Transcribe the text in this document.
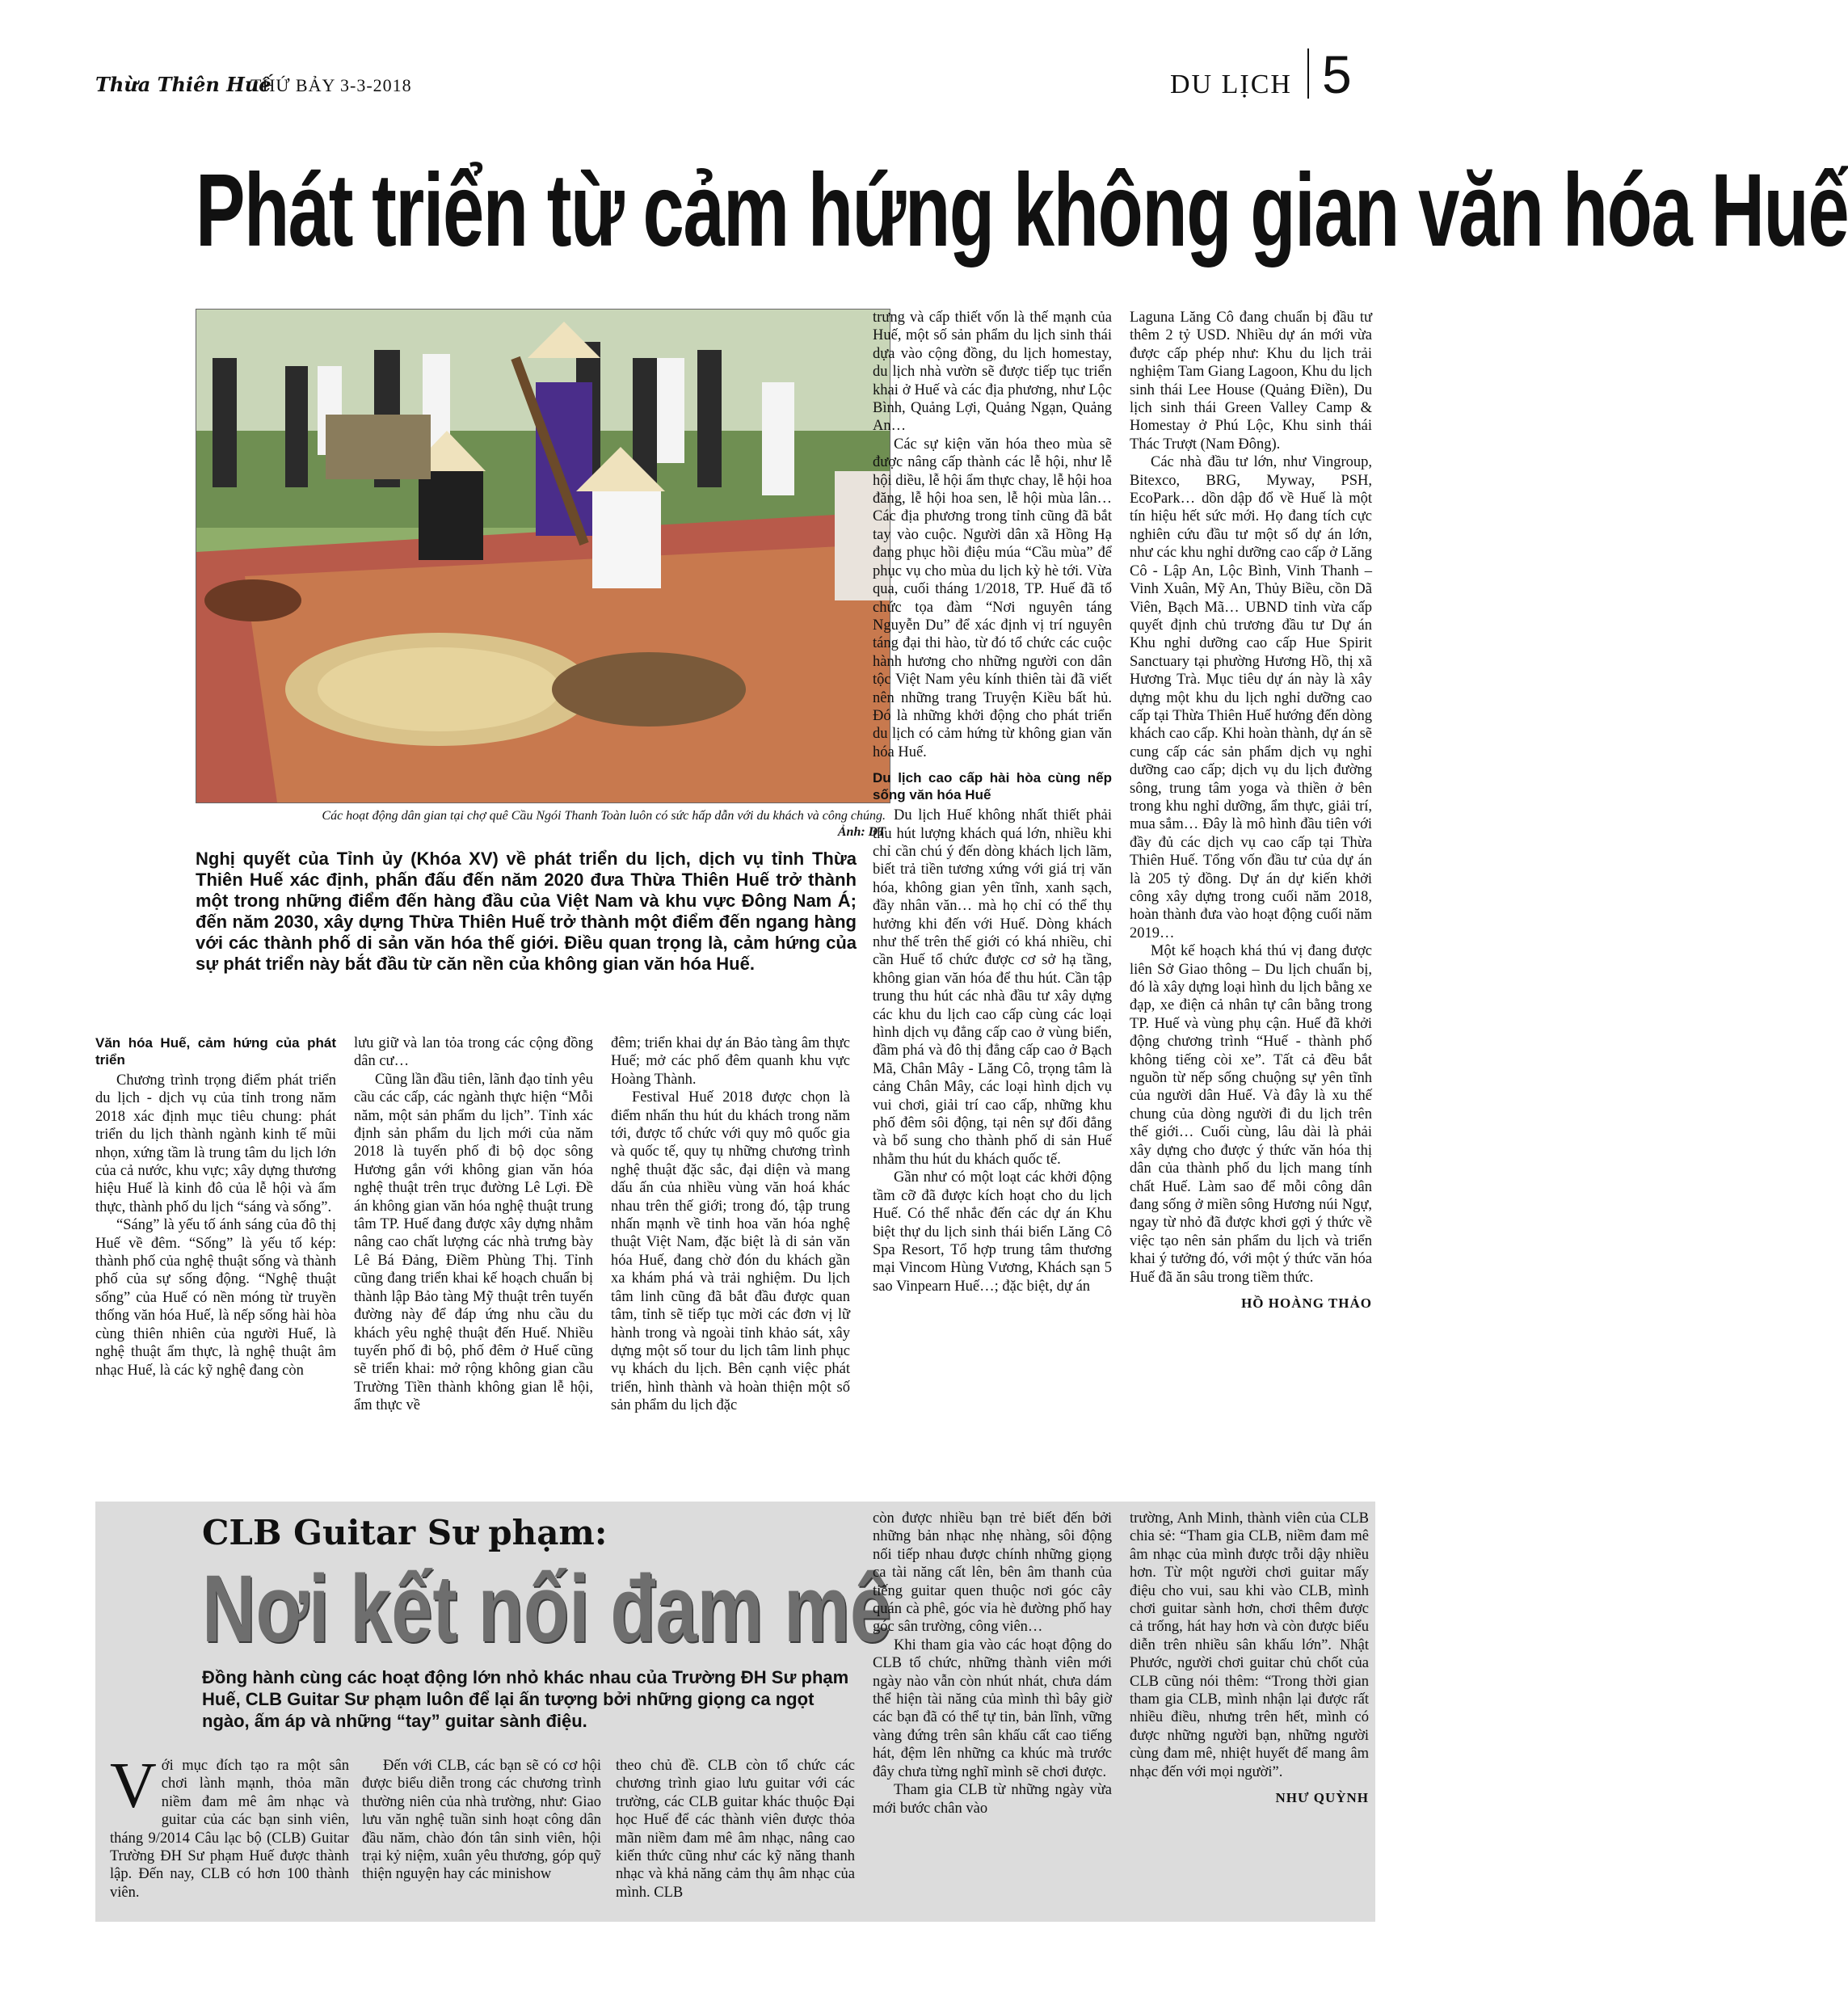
Thừa Thiên Huế
THỨ BẢY 3-3-2018	DU LỊCH 5
Phát triển từ cảm hứng không gian văn hóa Huế
Các hoạt động dân gian tại chợ quê Cầu Ngói Thanh Toàn luôn có sức hấp dẫn với du khách và công chúng.
Ảnh: DT
Nghị quyết của Tỉnh ủy (Khóa XV) về phát triển du lịch, dịch vụ tỉnh Thừa Thiên Huế xác định, phấn đấu đến năm 2020 đưa Thừa Thiên Huế trở thành một trong những điểm đến hàng đầu của Việt Nam và khu vực Đông Nam Á; đến năm 2030, xây dựng Thừa Thiên Huế trở thành một điểm đến ngang hàng với các thành phố di sản văn hóa thế giới. Điều quan trọng là, cảm hứng của sự phát triển này bắt đầu từ căn nền của không gian văn hóa Huế.
Văn hóa Huế, cảm hứng của phát triển

Chương trình trọng điểm phát triển du lịch - dịch vụ của tỉnh trong năm 2018 xác định mục tiêu chung: phát triển du lịch thành ngành kinh tế mũi nhọn, xứng tầm là trung tâm du lịch lớn của cả nước, khu vực; xây dựng thương hiệu Huế là kinh đô của lễ hội và ẩm thực, thành phố du lịch “sáng và sống”.

“Sáng” là yếu tố ánh sáng của đô thị Huế về đêm. “Sống” là yếu tố kép: thành phố của nghệ thuật sống và thành phố của sự sống động. “Nghệ thuật sống” của Huế có nền móng từ truyền thống văn hóa Huế, là nếp sống hài hòa cùng thiên nhiên của người Huế, là nghệ thuật ẩm thực, là nghệ thuật âm nhạc Huế, là các kỹ nghệ đang còn

lưu giữ và lan tỏa trong các cộng đồng dân cư…

Cũng lần đầu tiên, lãnh đạo tỉnh yêu cầu các cấp, các ngành thực hiện “Mỗi năm, một sản phẩm du lịch”. Tỉnh xác định sản phẩm du lịch mới của năm 2018 là tuyến phố đi bộ dọc sông Hương gắn với không gian văn hóa nghệ thuật trên trục đường Lê Lợi. Đề án không gian văn hóa nghệ thuật trung tâm TP. Huế đang được xây dựng nhằm nâng cao chất lượng các nhà trưng bày Lê Bá Đảng, Điềm Phùng Thị. Tỉnh cũng đang triển khai kế hoạch chuẩn bị thành lập Bảo tàng Mỹ thuật trên tuyến đường này để đáp ứng nhu cầu du khách yêu nghệ thuật đến Huế. Nhiều tuyến phố đi bộ, phố đêm ở Huế cũng sẽ triển khai: mở rộng không gian cầu Trường Tiền thành không gian lễ hội, ẩm thực về

đêm; triển khai dự án Bảo tàng âm thực Huế; mở các phố đêm quanh khu vực Hoàng Thành.

Festival Huế 2018 được chọn là điểm nhấn thu hút du khách trong năm tới, được tổ chức với quy mô quốc gia và quốc tế, quy tụ những chương trình nghệ thuật đặc sắc, đại diện và mang dấu ấn của nhiều vùng văn hoá khác nhau trên thế giới; trong đó, tập trung nhấn mạnh về tinh hoa văn hóa nghệ thuật Việt Nam, đặc biệt là di sản văn hóa Huế, đang chờ đón du khách gần xa khám phá và trải nghiệm. Du lịch tâm linh cũng đã bắt đầu được quan tâm, tỉnh sẽ tiếp tục mời các đơn vị lữ hành trong và ngoài tỉnh khảo sát, xây dựng một số tour du lịch tâm linh phục vụ khách du lịch. Bên cạnh việc phát triển, hình thành và hoàn thiện một số sản phẩm du lịch đặc

trưng và cấp thiết vốn là thế mạnh của Huế, một số sản phẩm du lịch sinh thái dựa vào cộng đồng, du lịch homestay, du lịch nhà vườn sẽ được tiếp tục triển khai ở Huế và các địa phương, như Lộc Bình, Quảng Lợi, Quảng Ngạn, Quảng An…

Các sự kiện văn hóa theo mùa sẽ được nâng cấp thành các lễ hội, như lễ hội diều, lễ hội ẩm thực chay, lễ hội hoa đăng, lễ hội hoa sen, lễ hội mùa lân… Các địa phương trong tỉnh cũng đã bắt tay vào cuộc. Người dân xã Hồng Hạ đang phục hồi điệu múa “Cầu mùa” để phục vụ cho mùa du lịch kỳ hè tới. Vừa qua, cuối tháng 1/2018, TP. Huế đã tổ chức tọa đàm “Nơi nguyên táng Nguyễn Du” để xác định vị trí nguyên táng đại thi hào, từ đó tổ chức các cuộc hành hương cho những người con dân tộc Việt Nam yêu kính thiên tài đã viết nên những trang Truyện Kiều bất hủ. Đó là những khởi động cho phát triển du lịch có cảm hứng từ không gian văn hóa Huế.

Du lịch cao cấp hài hòa cùng nếp sống văn hóa Huế

Du lịch Huế không nhất thiết phải thu hút lượng khách quá lớn, nhiều khi chỉ cần chú ý đến dòng khách lịch lãm, biết trả tiền tương xứng với giá trị văn hóa, không gian yên tĩnh, xanh sạch, đầy nhân văn… mà họ chỉ có thể thụ hưởng khi đến với Huế. Dòng khách như thế trên thế giới có khá nhiều, chỉ cần Huế tổ chức được cơ sở hạ tầng, không gian văn hóa để thu hút. Cần tập trung thu hút các nhà đầu tư xây dựng các khu du lịch cao cấp cùng các loại hình dịch vụ đẳng cấp cao ở vùng biển, đầm phá và đô thị đẳng cấp cao ở Bạch Mã, Chân Mây - Lăng Cô, trọng tâm là cảng Chân Mây, các loại hình dịch vụ vui chơi, giải trí cao cấp, những khu phố đêm sôi động, tại nên sự đối đẳng và bổ sung cho thành phố di sản Huế nhằm thu hút du khách quốc tế.

Gần như có một loạt các khởi động tầm cỡ đã được kích hoạt cho du lịch Huế. Có thể nhắc đến các dự án Khu biệt thự du lịch sinh thái biển Lăng Cô Spa Resort, Tổ hợp trung tâm thương mại Vincom Hùng Vương, Khách sạn 5 sao Vinpearn Huế…; đặc biệt, dự án

Laguna Lăng Cô đang chuẩn bị đầu tư thêm 2 tỷ USD. Nhiều dự án mới vừa được cấp phép như: Khu du lịch trải nghiệm Tam Giang Lagoon, Khu du lịch sinh thái Lee House (Quảng Điền), Du lịch sinh thái Green Valley Camp & Homestay ở Phú Lộc, Khu sinh thái Thác Trượt (Nam Đông).

Các nhà đầu tư lớn, như Vingroup, Bitexco, BRG, Myway, PSH, EcoPark… dồn dập đổ về Huế là một tín hiệu hết sức mới. Họ đang tích cực nghiên cứu đầu tư một số dự án lớn, như các khu nghỉ dưỡng cao cấp ở Lăng Cô - Lập An, Lộc Bình, Vinh Thanh – Vinh Xuân, Mỹ An, Thủy Biều, cồn Dã Viên, Bạch Mã… UBND tỉnh vừa cấp quyết định chủ trương đầu tư Dự án Khu nghỉ dưỡng cao cấp Hue Spirit Sanctuary tại phường Hương Hồ, thị xã Hương Trà. Mục tiêu dự án này là xây dựng một khu du lịch nghỉ dưỡng cao cấp tại Thừa Thiên Huế hướng đến dòng khách cao cấp. Khi hoàn thành, dự án sẽ cung cấp các sản phẩm dịch vụ nghỉ dưỡng cao cấp; dịch vụ du lịch đường sông, trung tâm yoga và thiền ở bên trong khu nghỉ dưỡng, ẩm thực, giải trí, mua sắm… Đây là mô hình đầu tiên với đầy đủ các dịch vụ cao cấp tại Thừa Thiên Huế. Tổng vốn đầu tư của dự án là 205 tỷ đồng. Dự án dự kiến khởi công xây dựng trong cuối năm 2018, hoàn thành đưa vào hoạt động cuối năm 2019…

Một kế hoạch khá thú vị đang được liên Sở Giao thông – Du lịch chuẩn bị, đó là xây dựng loại hình du lịch bằng xe đạp, xe điện cả nhân tự cân bằng trong TP. Huế và vùng phụ cận. Huế đã khởi động chương trình “Huế - thành phố không tiếng còi xe”. Tất cả đều bắt nguồn từ nếp sống chuộng sự yên tĩnh của người dân Huế. Và đây là xu thế chung của dòng người đi du lịch trên thế giới… Cuối cùng, lâu dài là phải xây dựng cho được ý thức văn hóa thị dân của thành phố du lịch mang tính chất Huế. Làm sao để mỗi công dân đang sống ở miền sông Hương núi Ngự, ngay từ nhỏ đã được khơi gợi ý thức về việc tạo nên sản phẩm du lịch và triển khai ý tưởng đó, với một ý thức văn hóa Huế đã ăn sâu trong tiềm thức.

HỒ HOÀNG THẢO
CLB Guitar Sư phạm:
Nơi kết nối đam mê
Đồng hành cùng các hoạt động lớn nhỏ khác nhau của Trường ĐH Sư phạm Huế, CLB Guitar Sư phạm luôn để lại ấn tượng bởi những giọng ca ngọt ngào, ấm áp và những “tay” guitar sành điệu.
V ới mục đích tạo ra một sân chơi lành mạnh, thỏa mãn niềm đam mê âm nhạc và guitar của các bạn sinh viên, tháng 9/2014 Câu lạc bộ (CLB) Guitar Trường ĐH Sư phạm Huế được thành lập. Đến nay, CLB có hơn 100 thành viên.

Đến với CLB, các bạn sẽ có cơ hội được biểu diễn trong các chương trình thường niên của nhà trường, như: Giao lưu văn nghệ tuần sinh hoạt công dân đầu năm, chào đón tân sinh viên, hội trại kỷ niệm, xuân yêu thương, góp quỹ thiện nguyện hay các minishow

theo chủ đề. CLB còn tổ chức các chương trình giao lưu guitar với các trường, các CLB guitar khác thuộc Đại học Huế để các thành viên được thỏa mãn niềm đam mê âm nhạc, nâng cao kiến thức cũng như các kỹ năng thanh nhạc và khả năng cảm thụ âm nhạc của mình. CLB

còn được nhiều bạn trẻ biết đến bởi những bản nhạc nhẹ nhàng, sôi động nối tiếp nhau được chính những giọng ca tài năng cất lên, bên âm thanh của tiếng guitar quen thuộc nơi góc cây quán cà phê, góc vỉa hè đường phố hay góc sân trường, công viên…

Khi tham gia vào các hoạt động do CLB tổ chức, những thành viên mới ngày nào vẫn còn nhút nhát, chưa dám thể hiện tài năng của mình thì bây giờ các bạn đã có thể tự tin, bản lĩnh, vững vàng đứng trên sân khấu cất cao tiếng hát, đệm lên những ca khúc mà trước đây chưa từng nghĩ mình sẽ chơi được.

Tham gia CLB từ những ngày vừa mới bước chân vào

trường, Anh Minh, thành viên của CLB chia sẻ: “Tham gia CLB, niềm đam mê âm nhạc của mình được trỗi dậy nhiều hơn. Từ một người chơi guitar mấy điệu cho vui, sau khi vào CLB, mình chơi guitar sành hơn, chơi thêm được cả trống, hát hay hơn và còn được biểu diễn trên nhiều sân khấu lớn”. Nhật Phước, người chơi guitar chủ chốt của CLB cũng nói thêm: “Trong thời gian tham gia CLB, mình nhận lại được rất nhiều điều, nhưng trên hết, mình có được những người bạn, những người cùng đam mê, nhiệt huyết để mang âm nhạc đến với mọi người”.

NHƯ QUỲNH
